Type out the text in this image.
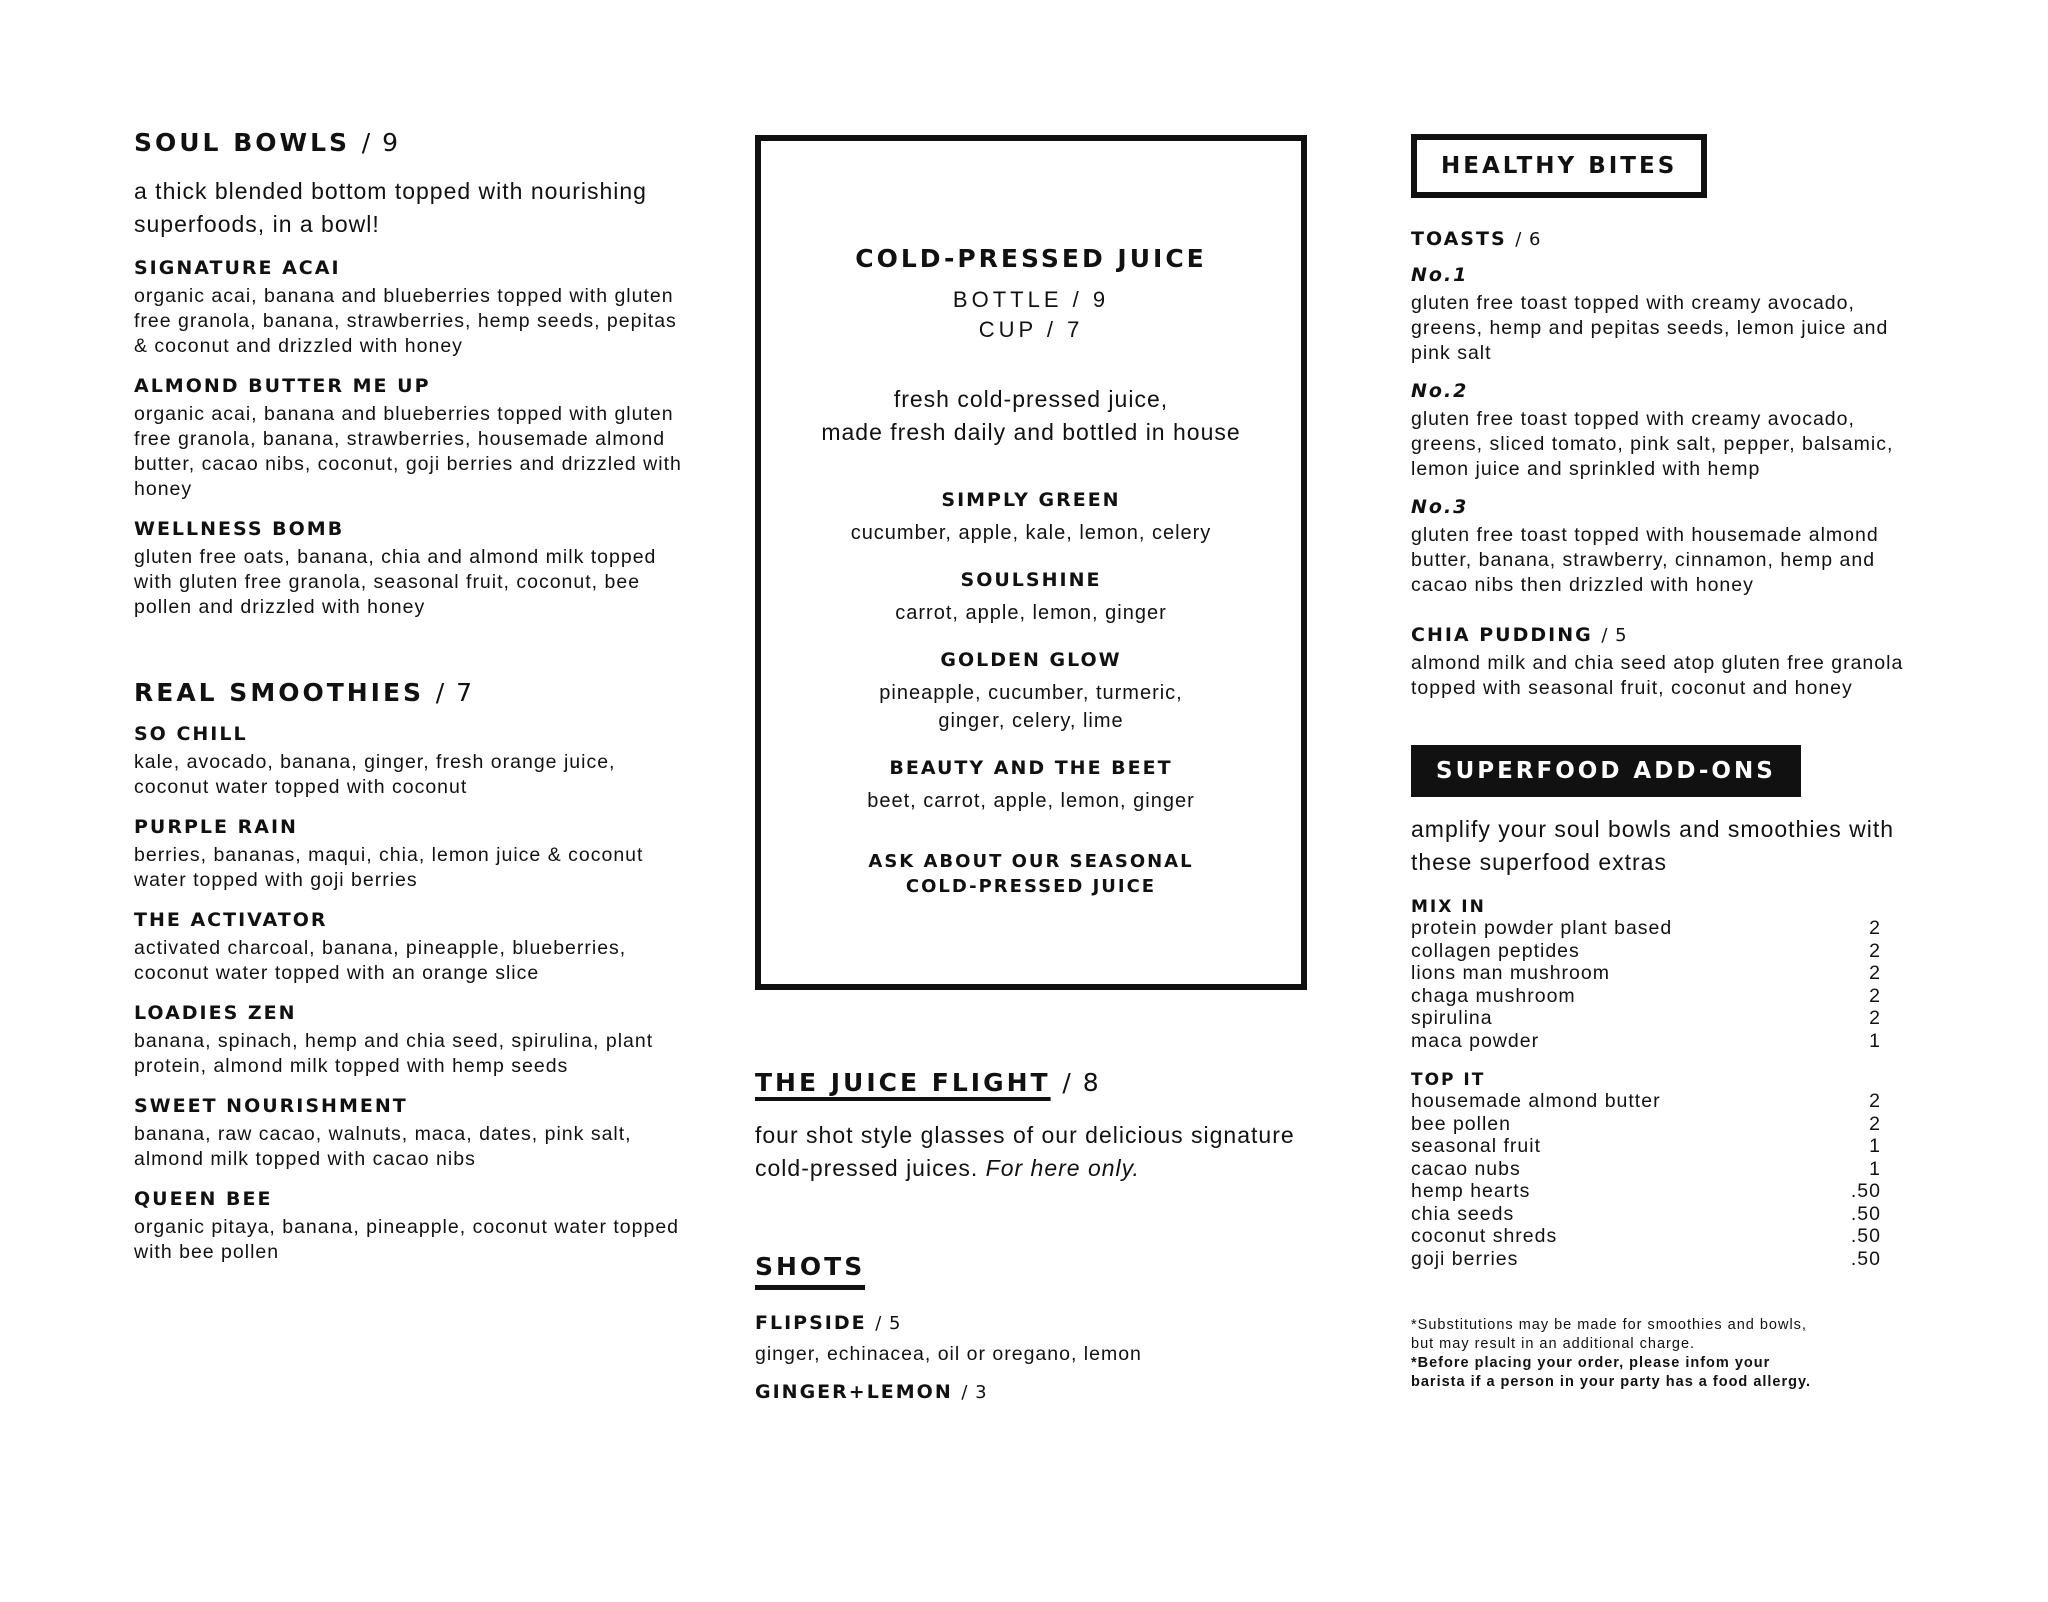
SOUL BOWLS / 9
a thick blended bottom topped with nourishing superfoods, in a bowl!
SIGNATURE ACAI
organic acai, banana and blueberries topped with gluten free granola, banana, strawberries, hemp seeds, pepitas & coconut and drizzled with honey
ALMOND BUTTER ME UP
organic acai, banana and blueberries topped with gluten free granola, banana, strawberries, housemade almond butter, cacao nibs, coconut, goji berries and drizzled with honey
WELLNESS BOMB
gluten free oats, banana, chia and almond milk topped with gluten free granola, seasonal fruit, coconut, bee pollen and drizzled with honey
REAL SMOOTHIES / 7
SO CHILL
kale, avocado, banana, ginger, fresh orange juice, coconut water topped with coconut
PURPLE RAIN
berries, bananas, maqui, chia, lemon juice & coconut water topped with goji berries
THE ACTIVATOR
activated charcoal, banana, pineapple, blueberries, coconut water topped with an orange slice
LOADIES ZEN
banana, spinach, hemp and chia seed, spirulina, plant protein, almond milk topped with hemp seeds
SWEET NOURISHMENT
banana, raw cacao, walnuts, maca, dates, pink salt, almond milk topped with cacao nibs
QUEEN BEE
organic pitaya, banana, pineapple, coconut water topped with bee pollen
COLD-PRESSED JUICE
BOTTLE / 9
CUP / 7
fresh cold-pressed juice,
made fresh daily and bottled in house
SIMPLY GREEN
cucumber, apple, kale, lemon, celery
SOULSHINE
carrot, apple, lemon, ginger
GOLDEN GLOW
pineapple, cucumber, turmeric, ginger, celery, lime
BEAUTY AND THE BEET
beet, carrot, apple, lemon, ginger
ASK ABOUT OUR SEASONAL
COLD-PRESSED JUICE
THE JUICE FLIGHT / 8
four shot style glasses of our delicious signature cold-pressed juices. For here only.
SHOTS
FLIPSIDE / 5
ginger, echinacea, oil or oregano, lemon
GINGER+LEMON / 3
HEALTHY BITES
TOASTS / 6
No.1
gluten free toast topped with creamy avocado, greens, hemp and pepitas seeds, lemon juice and pink salt
No.2
gluten free toast topped with creamy avocado, greens, sliced tomato, pink salt, pepper, balsamic, lemon juice and sprinkled with hemp
No.3
gluten free toast topped with housemade almond butter, banana, strawberry, cinnamon, hemp and cacao nibs then drizzled with honey
CHIA PUDDING / 5
almond milk and chia seed atop gluten free granola topped with seasonal fruit, coconut and honey
SUPERFOOD ADD-ONS
amplify your soul bowls and smoothies with these superfood extras
MIX IN
protein powder plant based	2
collagen peptides	2
lions man mushroom	2
chaga mushroom	2
spirulina	2
maca powder	1
TOP IT
housemade almond butter	2
bee pollen	2
seasonal fruit	1
cacao nubs	1
hemp hearts	.50
chia seeds	.50
coconut shreds	.50
goji berries	.50
*Substitutions may be made for smoothies and bowls,
but may result in an additional charge.
*Before placing your order, please infom your
barista if a person in your party has a food allergy.
